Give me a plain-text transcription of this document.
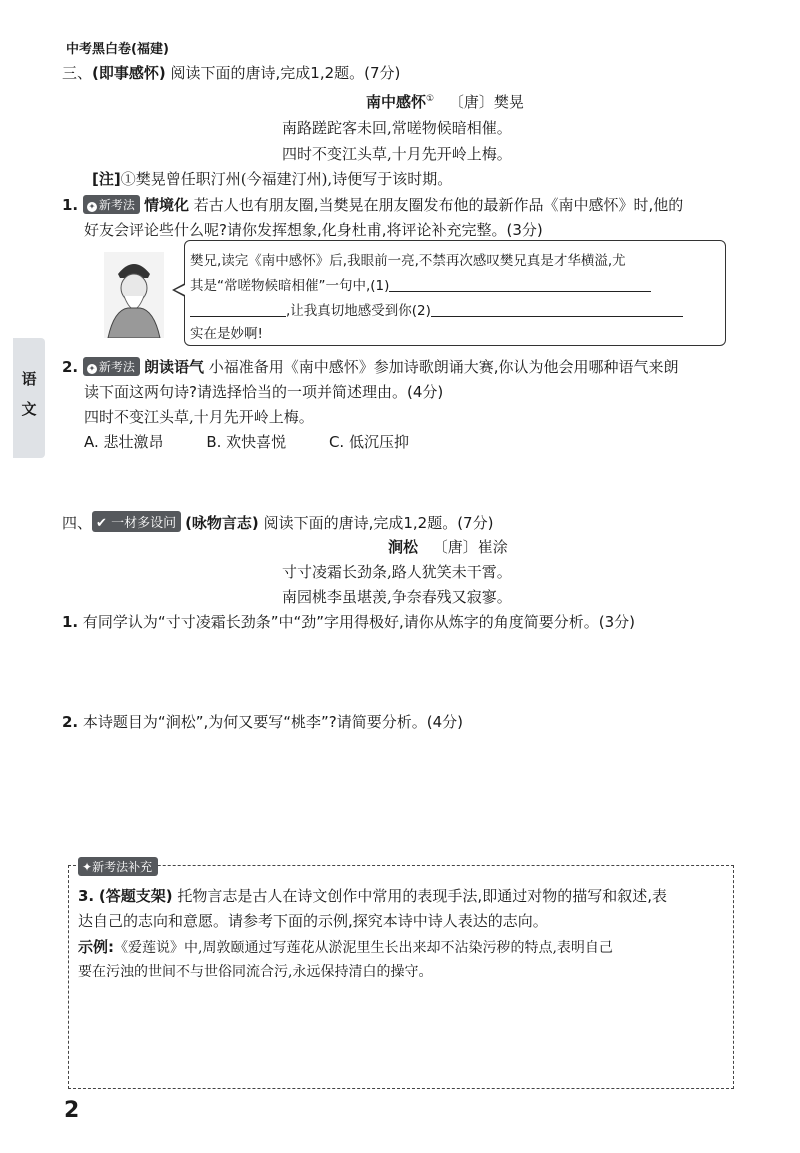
中考黑白卷(福建)
语
文
三、(即事感怀) 阅读下面的唐诗,完成1,2题。(7分)
南中感怀① 〔唐〕樊晃
南路蹉跎客未回,常嗟物候暗相催。
四时不变江头草,十月先开岭上梅。
[注]①樊晃曾任职汀州(今福建汀州),诗便写于该时期。
1. ✦ 新考法 情境化 若古人也有朋友圈,当樊晃在朋友圈发布他的最新作品《南中感怀》时,他的
好友会评论些什么呢?请你发挥想象,化身杜甫,将评论补充完整。(3分)
樊兄,读完《南中感怀》后,我眼前一亮,不禁再次感叹樊兄真是才华横溢,尤
其是“常嗟物候暗相催”一句中,(1)
,让我真切地感受到你(2)
实在是妙啊!
2. ✦ 新考法 朗读语气 小福准备用《南中感怀》参加诗歌朗诵大赛,你认为他会用哪种语气来朗
读下面这两句诗?请选择恰当的一项并简述理由。(4分)
四时不变江头草,十月先开岭上梅。
A. 悲壮激昂	B. 欢快喜悦	C. 低沉压抑
四、 ✔ 一材多设问 (咏物言志) 阅读下面的唐诗,完成1,2题。(7分)
涧松 〔唐〕崔涂
寸寸凌霜长劲条,路人犹笑未干霄。
南园桃李虽堪羡,争奈春残又寂寥。
1. 有同学认为“寸寸凌霜长劲条”中“劲”字用得极好,请你从炼字的角度简要分析。(3分)
2. 本诗题目为“涧松”,为何又要写“桃李”?请简要分析。(4分)
✦新考法补充
3. (答题支架) 托物言志是古人在诗文创作中常用的表现手法,即通过对物的描写和叙述,表
达自己的志向和意愿。请参考下面的示例,探究本诗中诗人表达的志向。
示例:《爱莲说》中,周敦颐通过写莲花从淤泥里生长出来却不沾染污秽的特点,表明自己
要在污浊的世间不与世俗同流合污,永远保持清白的操守。
2
